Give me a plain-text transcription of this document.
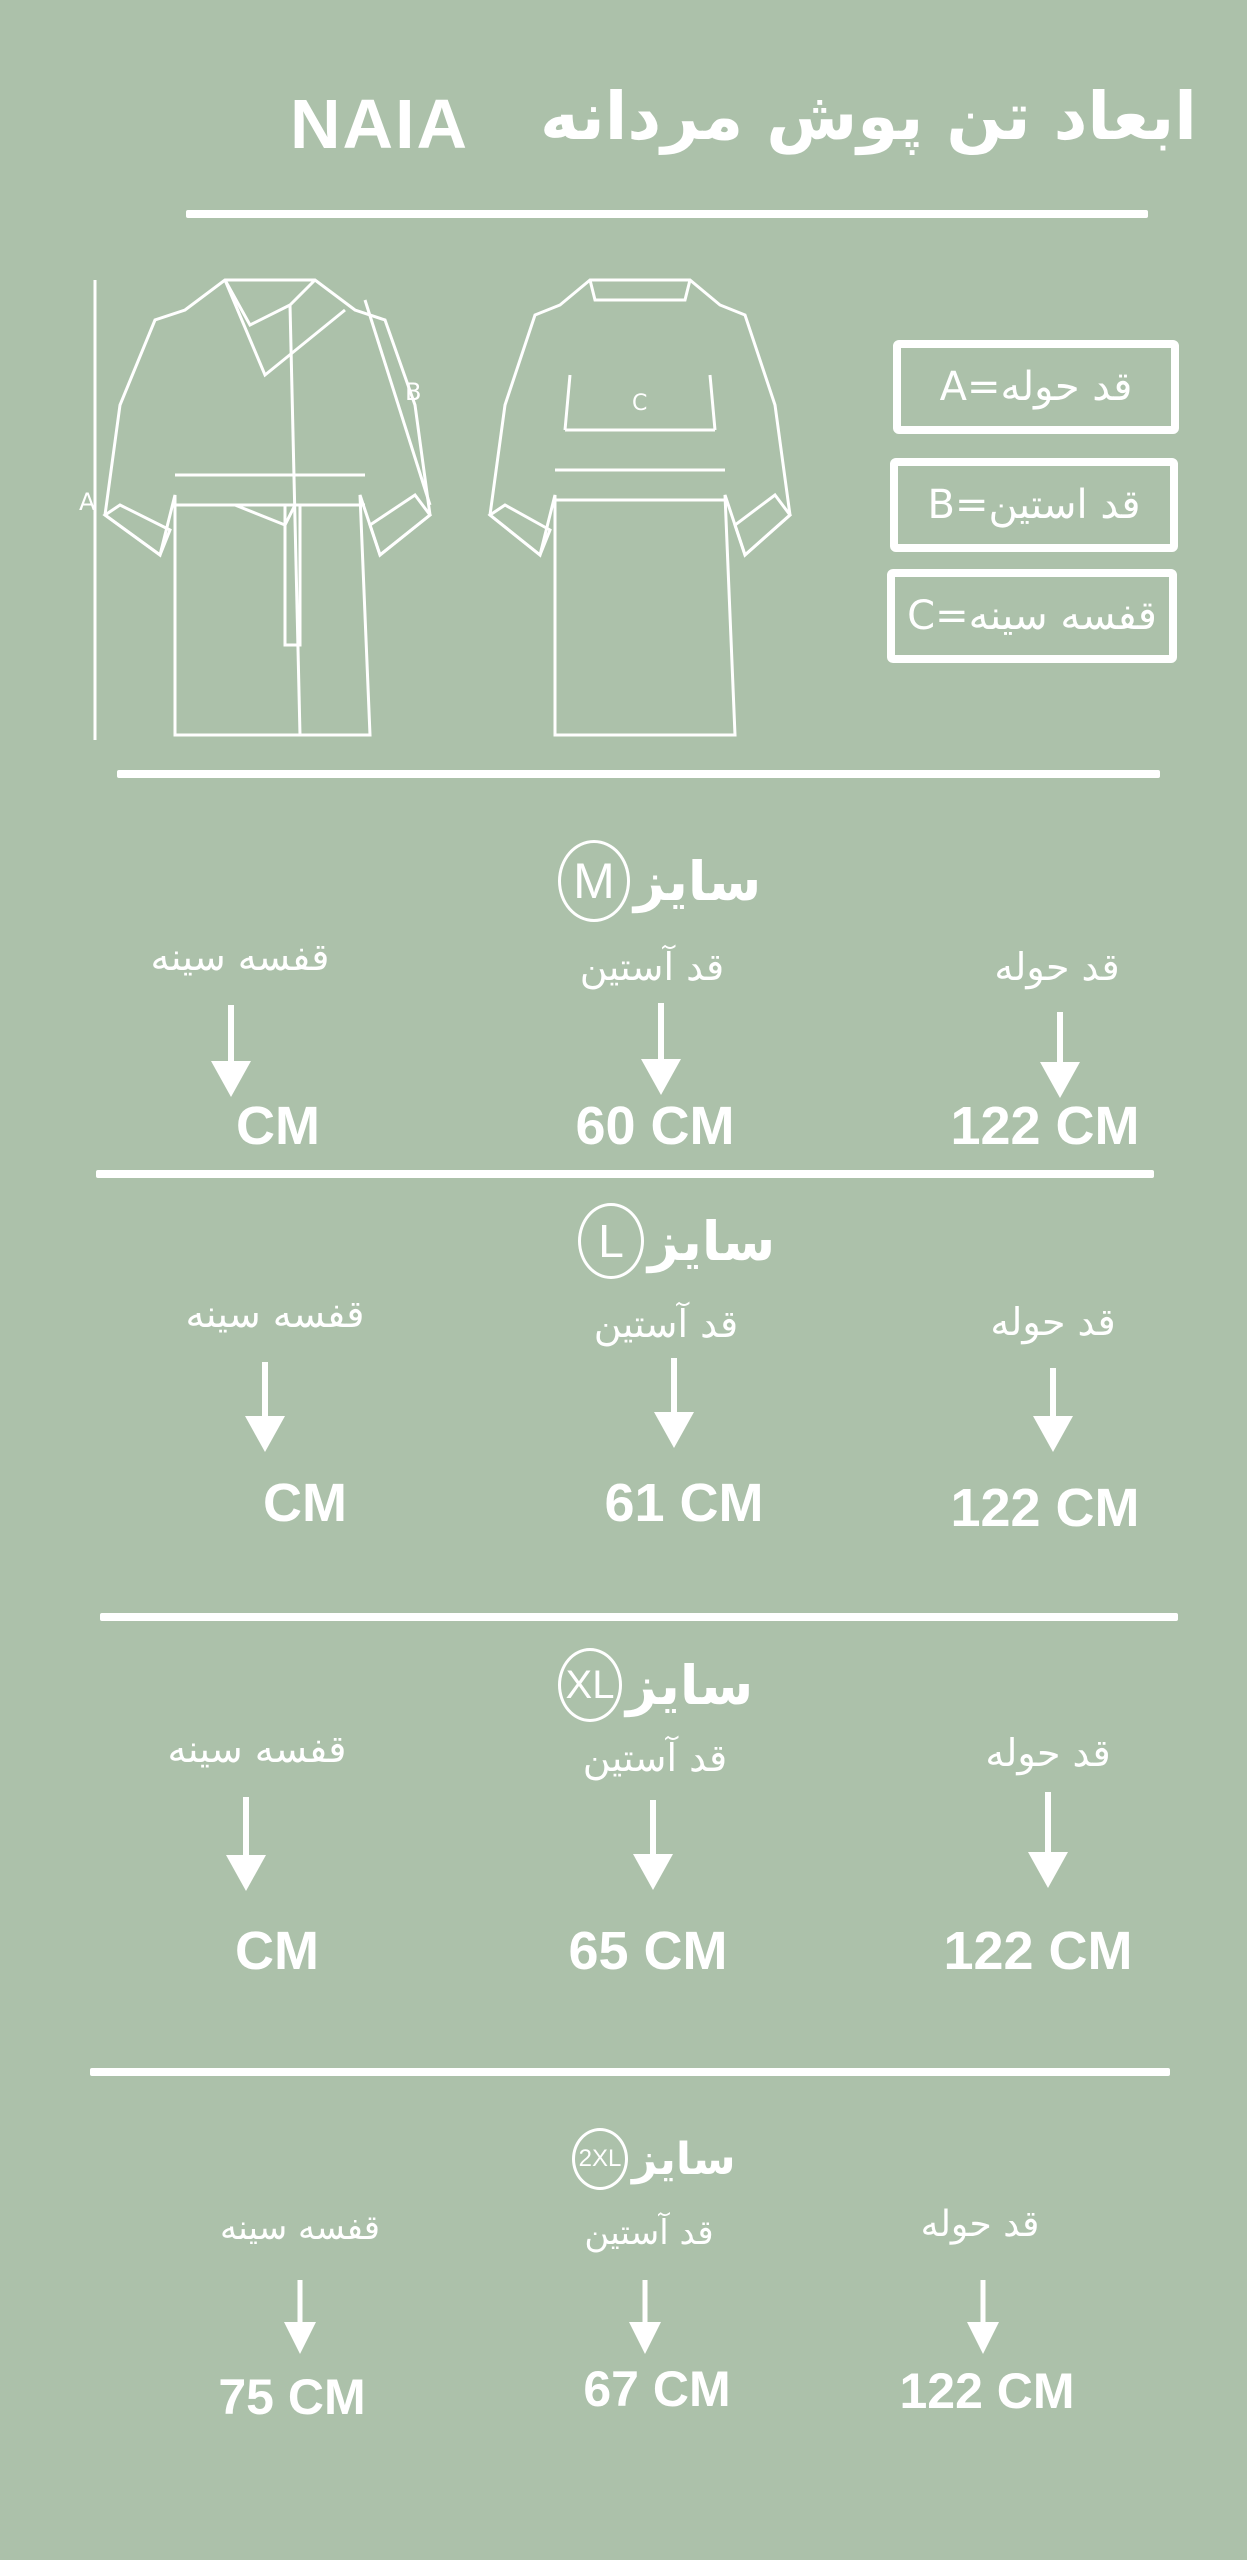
ابعاد تن پوش مردانه
NAIA
A
B	C	قد حوله=A
قد استین=B
قفسه سینه=C
M سایز
قفسه سینه	قد آستین	قد حوله
CM	60 CM	122 CM
L سایز
قفسه سینه	قد آستین	قد حوله
CM	61 CM	122 CM
XL سایز
قفسه سینه	قد آستین	قد حوله
CM	65 CM	122 CM
2XL سایز
قفسه سینه	قد آستین	قد حوله
75 CM	67 CM	122 CM
